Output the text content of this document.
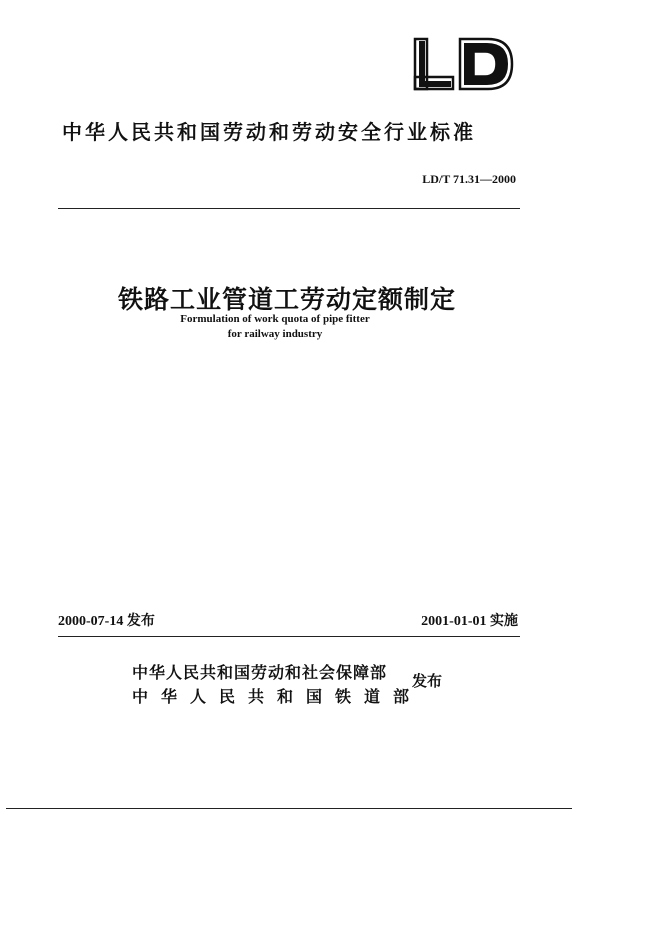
中华人民共和国劳动和劳动安全行业标准
LD/T 71.31—2000
铁路工业管道工劳动定额制定
Formulation of work quota of pipe fitter
for railway industry
2000-07-14 发布	2001-01-01 实施
中华人民共和国劳动和社会保障部
中华人民共和国铁道部
发布
